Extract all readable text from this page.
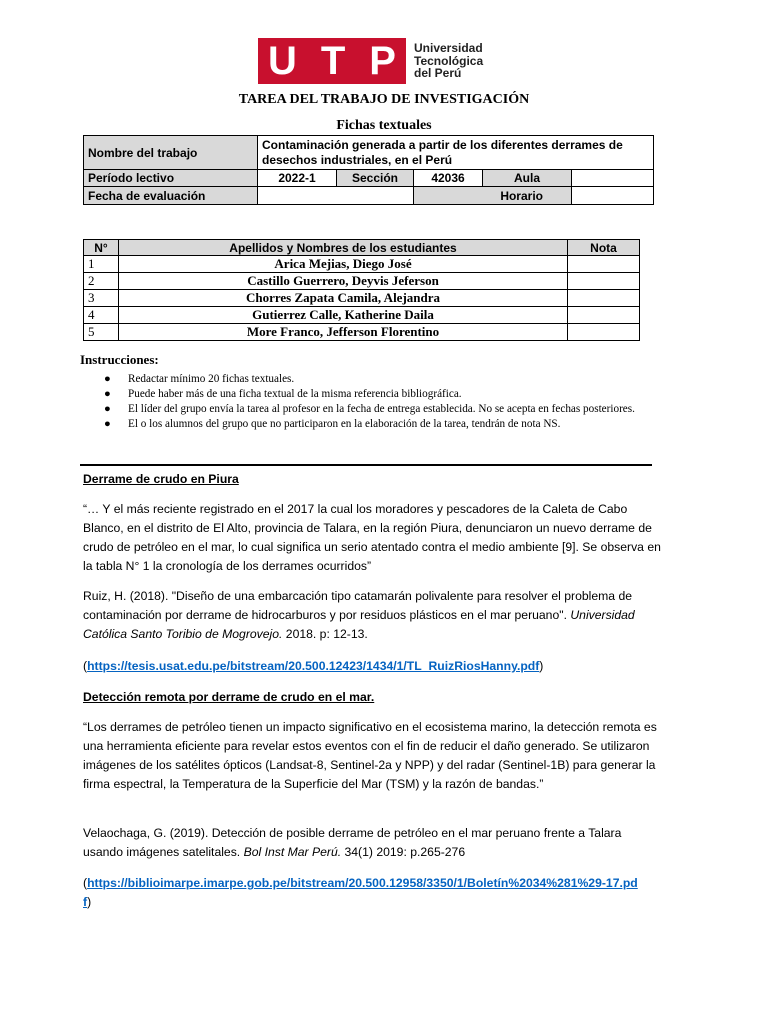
U T P Universidad
Tecnológica
del Perú
TAREA DEL TRABAJO DE INVESTIGACIÓN
Fichas textuales
Nombre del trabajo	Contaminación generada a partir de los diferentes derrames de desechos industriales, en el Perú				
Período lectivo	2022-1	Sección	42036	Aula	
Fecha de evaluación			Horario		
N°	Apellidos y Nombres de los estudiantes	Nota
1	Arica Mejias, Diego José	
2	Castillo Guerrero, Deyvis Jeferson	
3	Chorres Zapata Camila, Alejandra	
4	Gutierrez Calle, Katherine Daila	
5	More Franco, Jefferson Florentino	
Instrucciones:
● Redactar mínimo 20 fichas textuales.
● Puede haber más de una ficha textual de la misma referencia bibliográfica.
● El líder del grupo envía la tarea al profesor en la fecha de entrega establecida. No se acepta en fechas posteriores.
● El o los alumnos del grupo que no participaron en la elaboración de la tarea, tendrán de nota NS.
Derrame de crudo en Piura
“… Y el más reciente registrado en el 2017 la cual los moradores y pescadores de la Caleta de Cabo Blanco, en el distrito de El Alto, provincia de Talara, en la región Piura, denunciaron un nuevo derrame de crudo de petróleo en el mar, lo cual significa un serio atentado contra el medio ambiente [9]. Se observa en la tabla N° 1 la cronología de los derrames ocurridos”
Ruiz, H. (2018). "Diseño de una embarcación tipo catamarán polivalente para resolver el problema de contaminación por derrame de hidrocarburos y por residuos plásticos en el mar peruano". Universidad Católica Santo Toribio de Mogrovejo. 2018. p: 12-13.
(https://tesis.usat.edu.pe/bitstream/20.500.12423/1434/1/TL_RuizRiosHanny.pdf)
Detección remota por derrame de crudo en el mar.
“Los derrames de petróleo tienen un impacto significativo en el ecosistema marino, la detección remota es una herramienta eficiente para revelar estos eventos con el fin de reducir el daño generado. Se utilizaron imágenes de los satélites ópticos (Landsat-8, Sentinel-2a y NPP) y del radar (Sentinel-1B) para generar la firma espectral, la Temperatura de la Superficie del Mar (TSM) y la razón de bandas.”
Velaochaga, G. (2019). Detección de posible derrame de petróleo en el mar peruano frente a Talara usando imágenes satelitales. Bol Inst Mar Perú. 34(1) 2019: p.265-276
(https://biblioimarpe.imarpe.gob.pe/bitstream/20.500.12958/3350/1/Boletín%2034%281%29-17.pdf)
